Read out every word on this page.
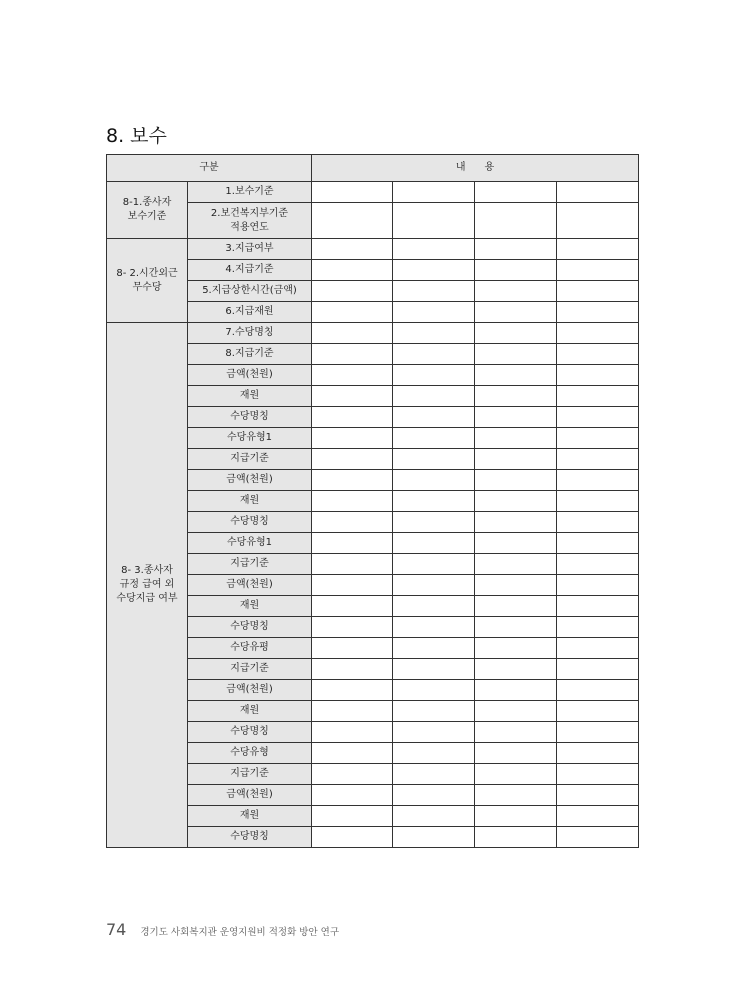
8. 보수
구분		내      용			
8-1.종사자
보수기준	1.보수기준				
	2.보건복지부기준
적용연도				
8- 2.시간외근
무수당	3.지급여부				
	4.지급기준				
	5.지급상한시간(금액)				
	6.지급재원				
8- 3.종사자
규정 급여 외
수당지급 여부	7.수당명칭				
	8.지급기준				
	금액(천원)				
	재원				
	수당명칭				
	수당유형1				
	지급기준				
	금액(천원)				
	재원				
	수당명칭				
	수당유형1				
	지급기준				
	금액(천원)				
	재원				
	수당명칭				
	수당유평				
	지급기준				
	금액(천원)				
	재원				
	수당명칭				
	수당유형				
	지급기준				
	금액(천원)				
	재원				
	수당명칭				
74 경기도 사회복지관 운영지원비 적정화 방안 연구
